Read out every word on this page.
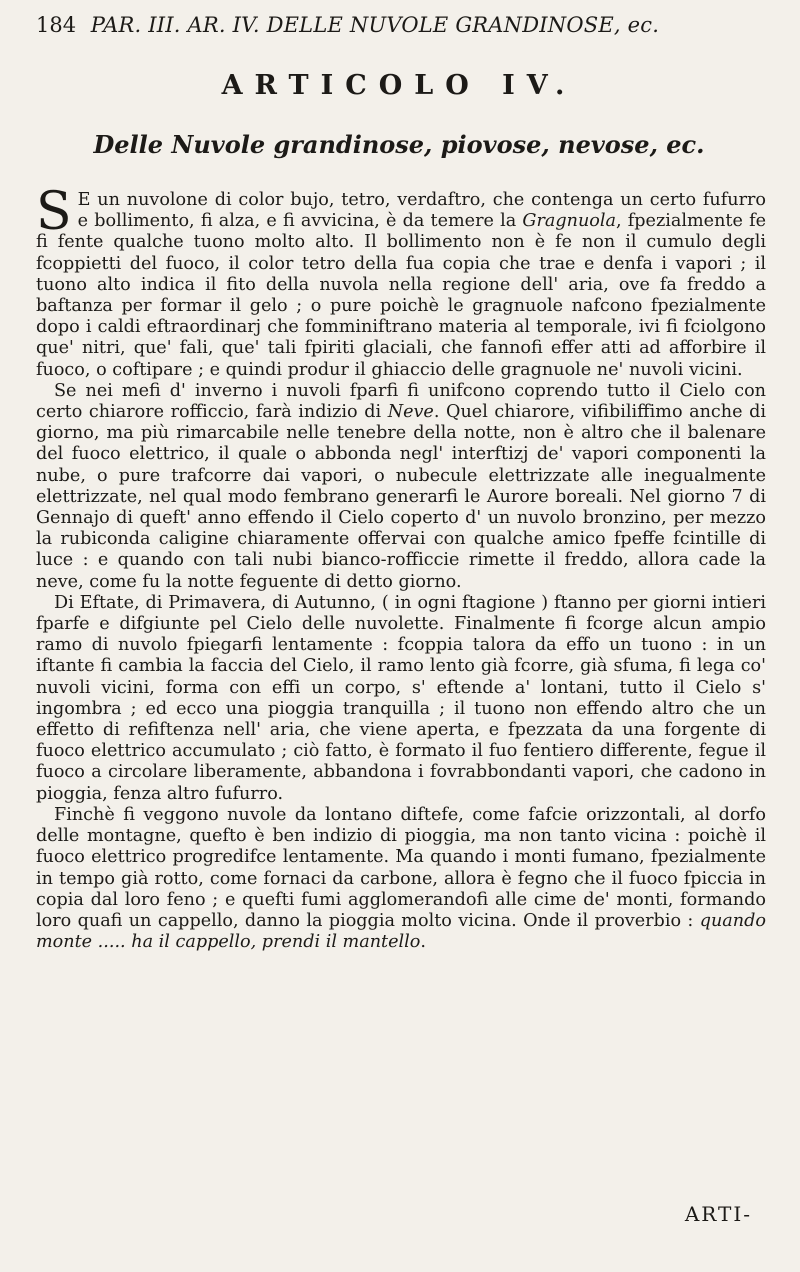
184 PAR. III. AR. IV. DELLE NUVOLE GRANDINOSE, ec.
ARTICOLO IV.
Delle Nuvole grandinose, piovose, nevose, ec.

S E un nuvolone di color bujo, tetro, verdaftro, che contenga un certo fufurro e bollimento, fi alza, e fi avvicina, è da temere la Gragnuola, fpezialmente fe fi fente qualche tuono molto alto. Il bollimento non è fe non il cumulo degli fcoppietti del fuoco, il color tetro della fua copia che trae e denfa i vapori ; il tuono alto indica il fito della nuvola nella regione dell' aria, ove fa freddo a baftanza per formar il gelo ; o pure poichè le gragnuole nafcono fpezialmente dopo i caldi eftraordinarj che fomminiftrano materia al temporale, ivi fi fciolgono que' nitri, que' fali, que' tali fpiriti glaciali, che fannofi effer atti ad afforbire il fuoco, o coftipare ; e quindi produr il ghiaccio delle gragnuole ne' nuvoli vicini.

Se nei mefi d' inverno i nuvoli fparfi fi unifcono coprendo tutto il Cielo con certo chiarore rofficcio, farà indizio di Neve. Quel chiarore, vifibiliffimo anche di giorno, ma più rimarcabile nelle tenebre della notte, non è altro che il balenare del fuoco elettrico, il quale o abbonda negl' interftizj de' vapori componenti la nube, o pure trafcorre dai vapori, o nubecule elettrizzate alle inegualmente elettrizzate, nel qual modo fembrano generarfi le Aurore boreali. Nel giorno 7 di Gennajo di queft' anno effendo il Cielo coperto d' un nuvolo bronzino, per mezzo la rubiconda caligine chiaramente offervai con qualche amico fpeffe fcintille di luce : e quando con tali nubi bianco-rofficcie rimette il freddo, allora cade la neve, come fu la notte feguente di detto giorno.

Di Eftate, di Primavera, di Autunno, ( in ogni ftagione ) ftanno per giorni intieri fparfe e difgiunte pel Cielo delle nuvolette. Finalmente fi fcorge alcun ampio ramo di nuvolo fpiegarfi lentamente : fcoppia talora da effo un tuono : in un iftante fi cambia la faccia del Cielo, il ramo lento già fcorre, già sfuma, fi lega co' nuvoli vicini, forma con effi un corpo, s' eftende a' lontani, tutto il Cielo s' ingombra ; ed ecco una pioggia tranquilla ; il tuono non effendo altro che un effetto di refiftenza nell' aria, che viene aperta, e fpezzata da una forgente di fuoco elettrico accumulato ; ciò fatto, è formato il fuo fentiero differente, fegue il fuoco a circolare liberamente, abbandona i fovrabbondanti vapori, che cadono in pioggia, fenza altro fufurro.

Finchè fi veggono nuvole da lontano diftefe, come fafcie orizzontali, al dorfo delle montagne, quefto è ben indizio di pioggia, ma non tanto vicina : poichè il fuoco elettrico progredifce lentamente. Ma quando i monti fumano, fpezialmente in tempo già rotto, come fornaci da carbone, allora è fegno che il fuoco fpiccia in copia dal loro feno ; e quefti fumi agglomerandofi alle cime de' monti, formando loro quafi un cappello, danno la pioggia molto vicina. Onde il proverbio : quando monte ..... ha il cappello, prendi il mantello.

ARTI-
